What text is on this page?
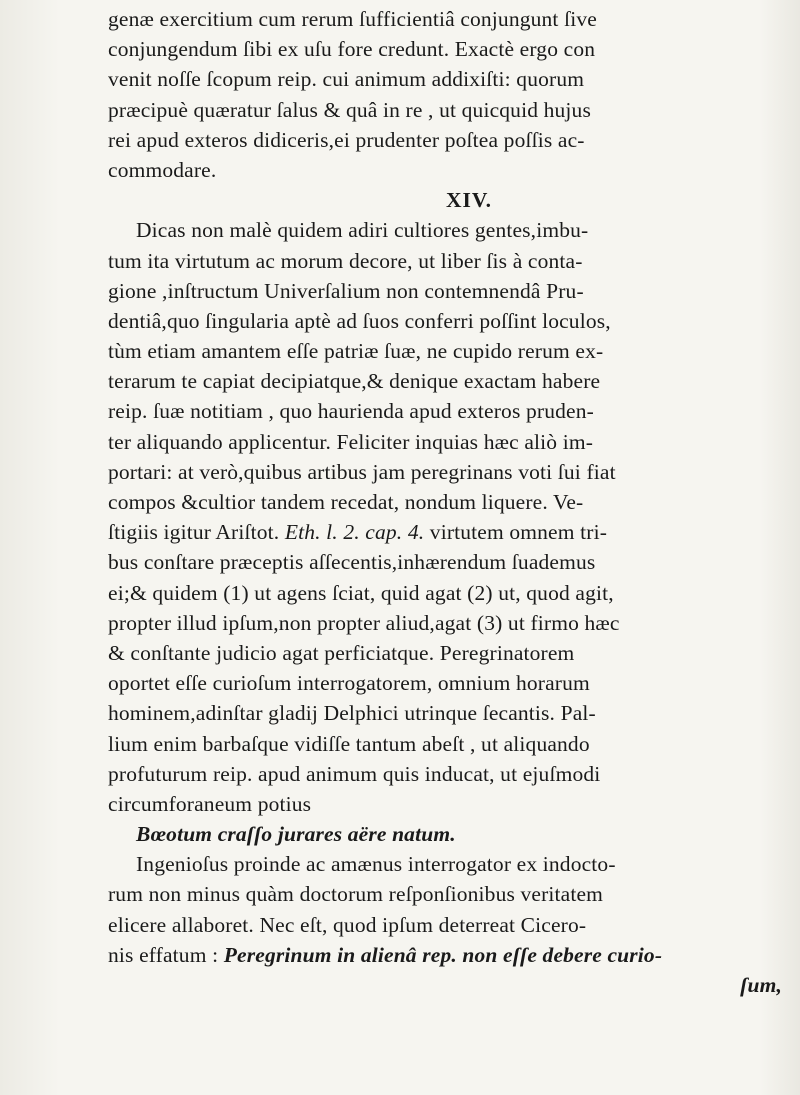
genæ exercitium cum rerum ſufficientiâ conjungunt ſive
conjungendum ſibi ex uſu fore credunt. Exactè ergo con
venit noſſe ſcopum reip. cui animum addixiſti: quorum
præcipuè quæratur ſalus & quâ in re , ut quicquid hujus
rei apud exteros didiceris,ei prudenter poſtea poſſis ac-
commodare.
XIV.
Dicas non malè quidem adiri cultiores gentes,imbu-
tum ita virtutum ac morum decore, ut liber ſis à conta-
gione ,inſtructum Univerſalium non contemnendâ Pru-
dentiâ,quo ſingularia aptè ad ſuos conferri poſſint loculos,
tùm etiam amantem eſſe patriæ ſuæ, ne cupido rerum ex-
terarum te capiat decipiatque,& denique exactam habere
reip. ſuæ notitiam , quo haurienda apud exteros pruden-
ter aliquando applicentur. Feliciter inquias hæc aliò im-
portari: at verò,quibus artibus jam peregrinans voti ſui fiat
compos &cultior tandem recedat, nondum liquere. Ve-
ſtigiis igitur Ariſtot. Eth. l. 2. cap. 4. virtutem omnem tri-
bus conſtare præceptis aſſecentis,inhærendum ſuademus
ei;& quidem (1) ut agens ſciat, quid agat (2) ut, quod agit,
propter illud ipſum,non propter aliud,agat (3) ut firmo hæc
& conſtante judicio agat perficiatque. Peregrinatorem
oportet eſſe curioſum interrogatorem, omnium horarum
hominem,adinſtar gladij Delphici utrinque ſecantis. Pal-
lium enim barbaſque vidiſſe tantum abeſt , ut aliquando
profuturum reip. apud animum quis inducat, ut ejuſmodi
circumforaneum potius
Bœotum craſſo jurares aëre natum.
Ingenioſus proinde ac amænus interrogator ex indocto-
rum non minus quàm doctorum reſponſionibus veritatem
elicere allaboret. Nec eſt, quod ipſum deterreat Cicero-
nis effatum : Peregrinum in alienâ rep. non eſſe debere curio-
ſum,
